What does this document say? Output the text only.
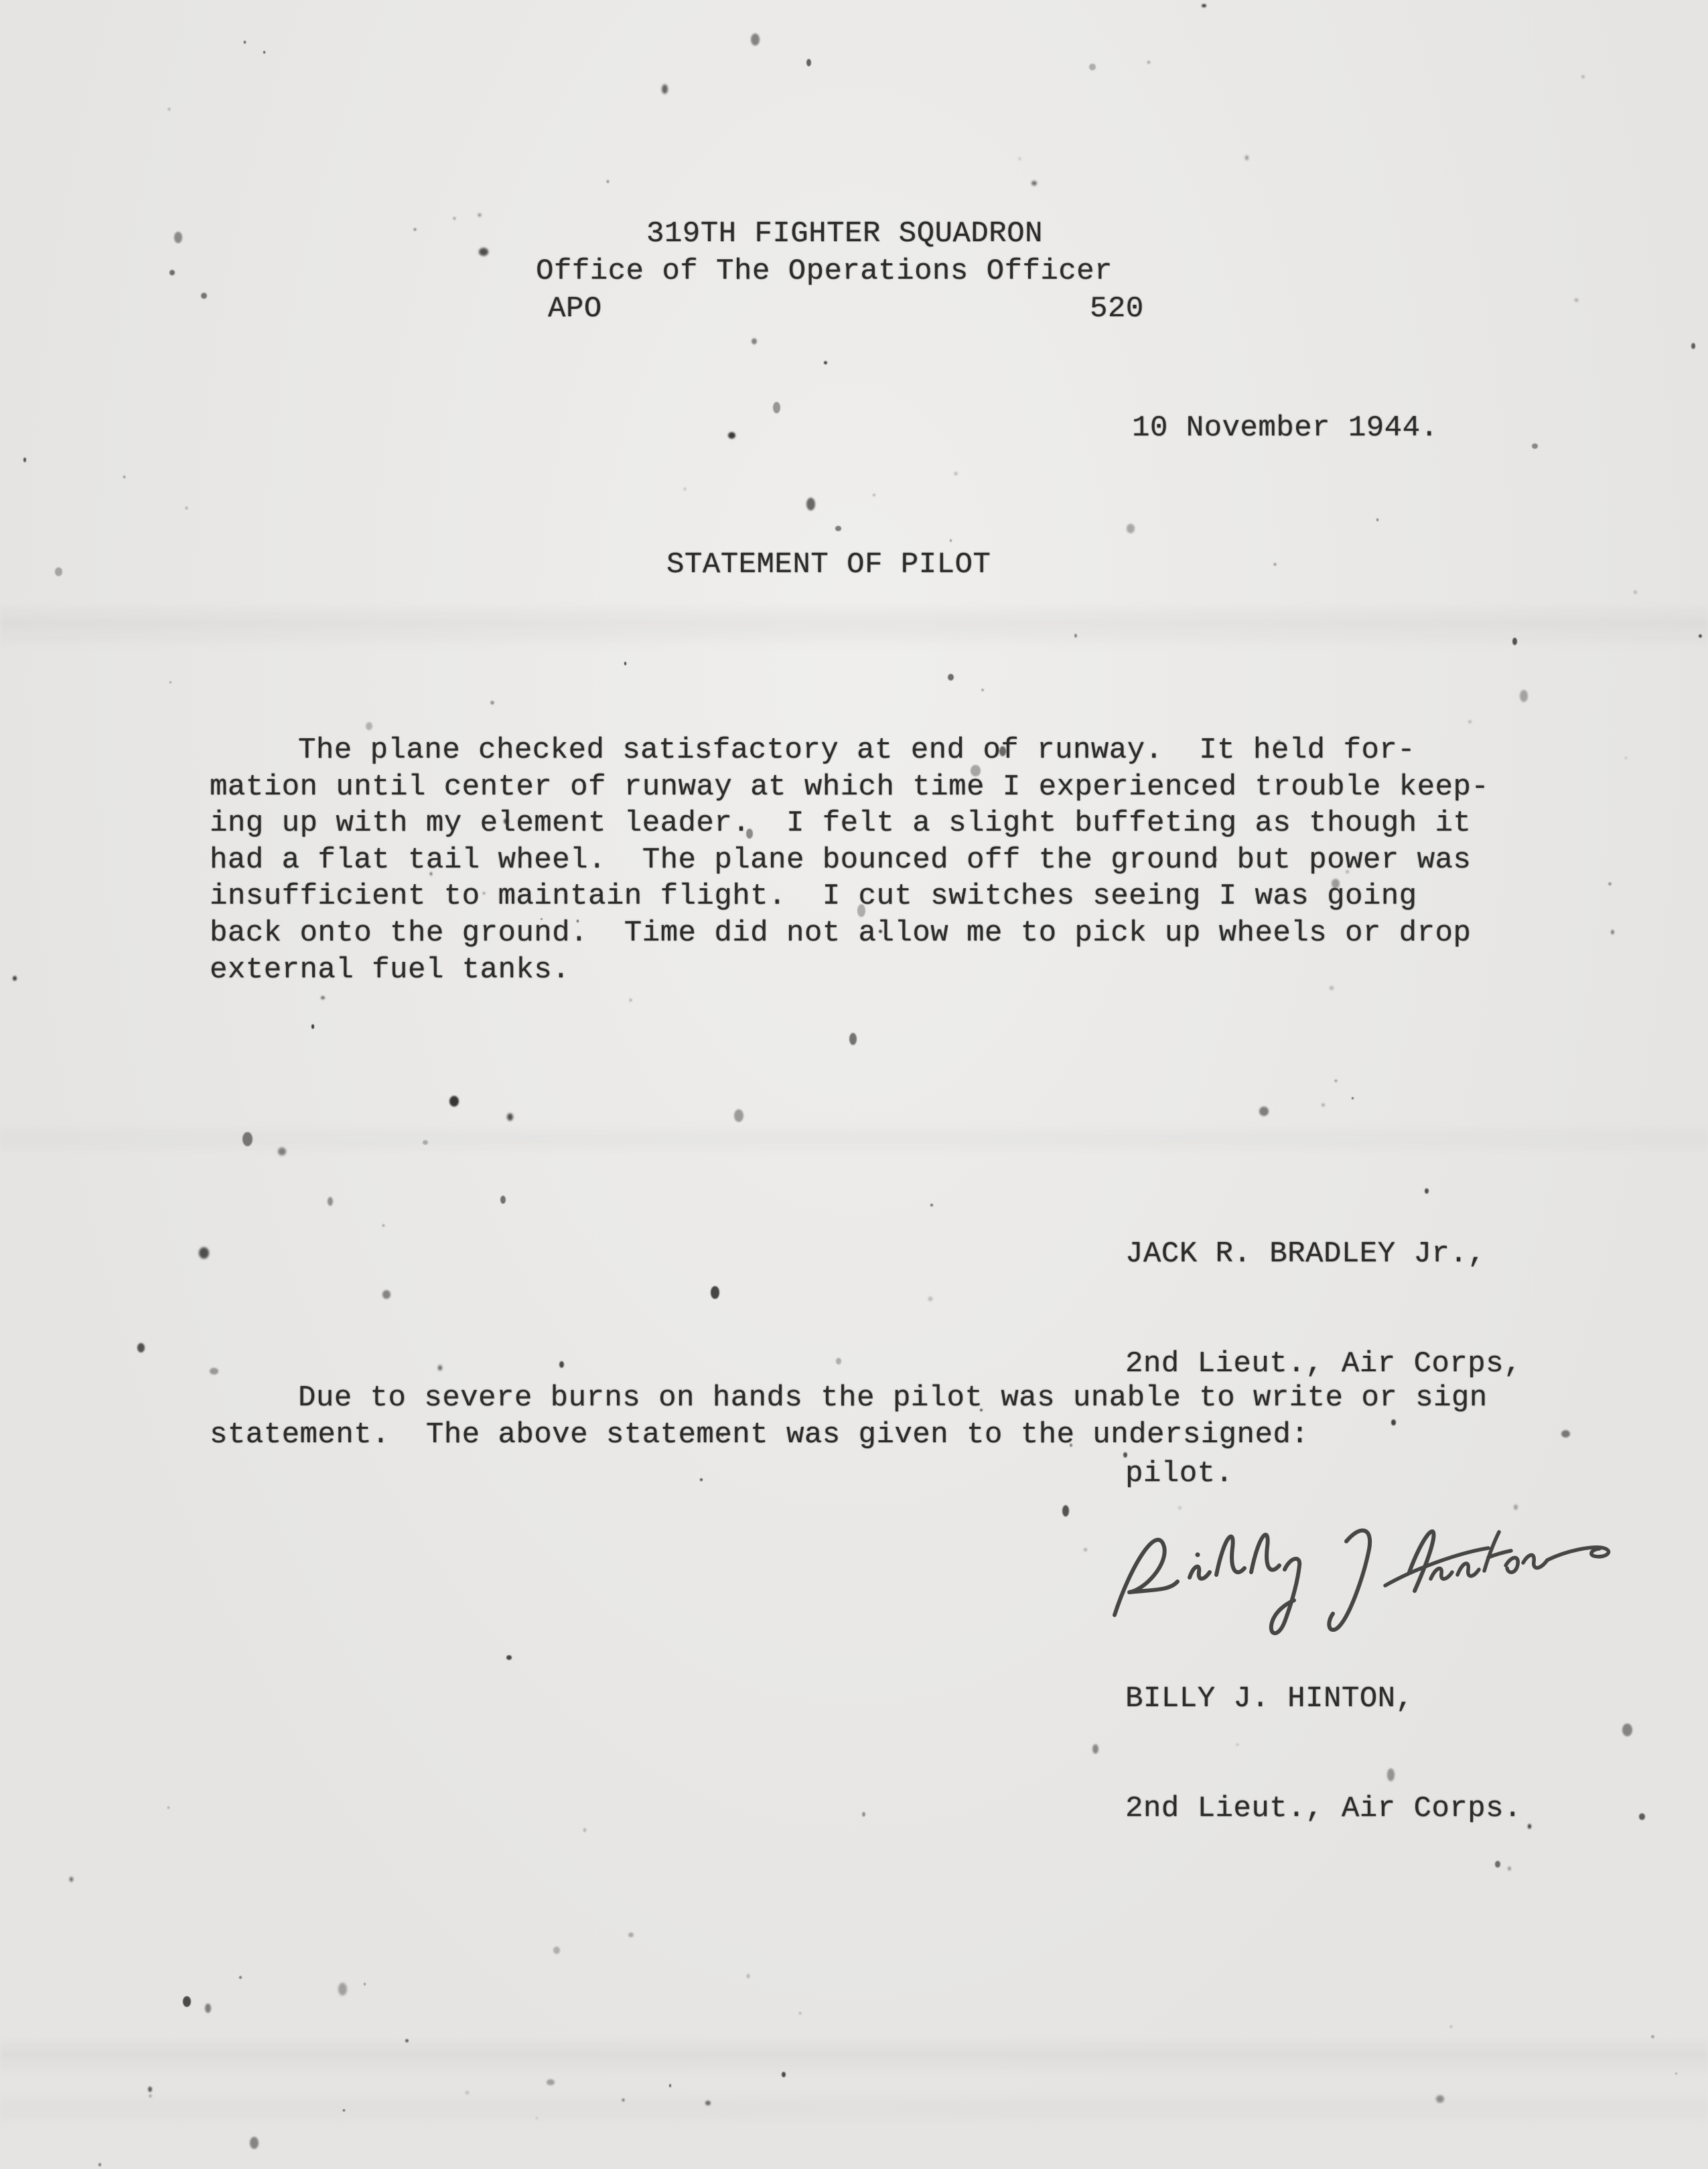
319TH FIGHTER SQUADRON
Office of The Operations Officer
APO	520
10 November 1944.
STATEMENT OF PILOT
The plane checked satisfactory at end of runway.  It held for-
mation until center of runway at which time I experienced trouble keep-
ing up with my element leader.  I felt a slight buffeting as though it
had a flat tail wheel.  The plane bounced off the ground but power was
insufficient to maintain flight.  I cut switches seeing I was going
back onto the ground.  Time did not allow me to pick up wheels or drop
external fuel tanks.

JACK R. BRADLEY Jr.,

2nd Lieut., Air Corps,

pilot.

Due to severe burns on hands the pilot was unable to write or sign
statement.  The above statement was given to the undersigned:

BILLY J. HINTON,

2nd Lieut., Air Corps.
